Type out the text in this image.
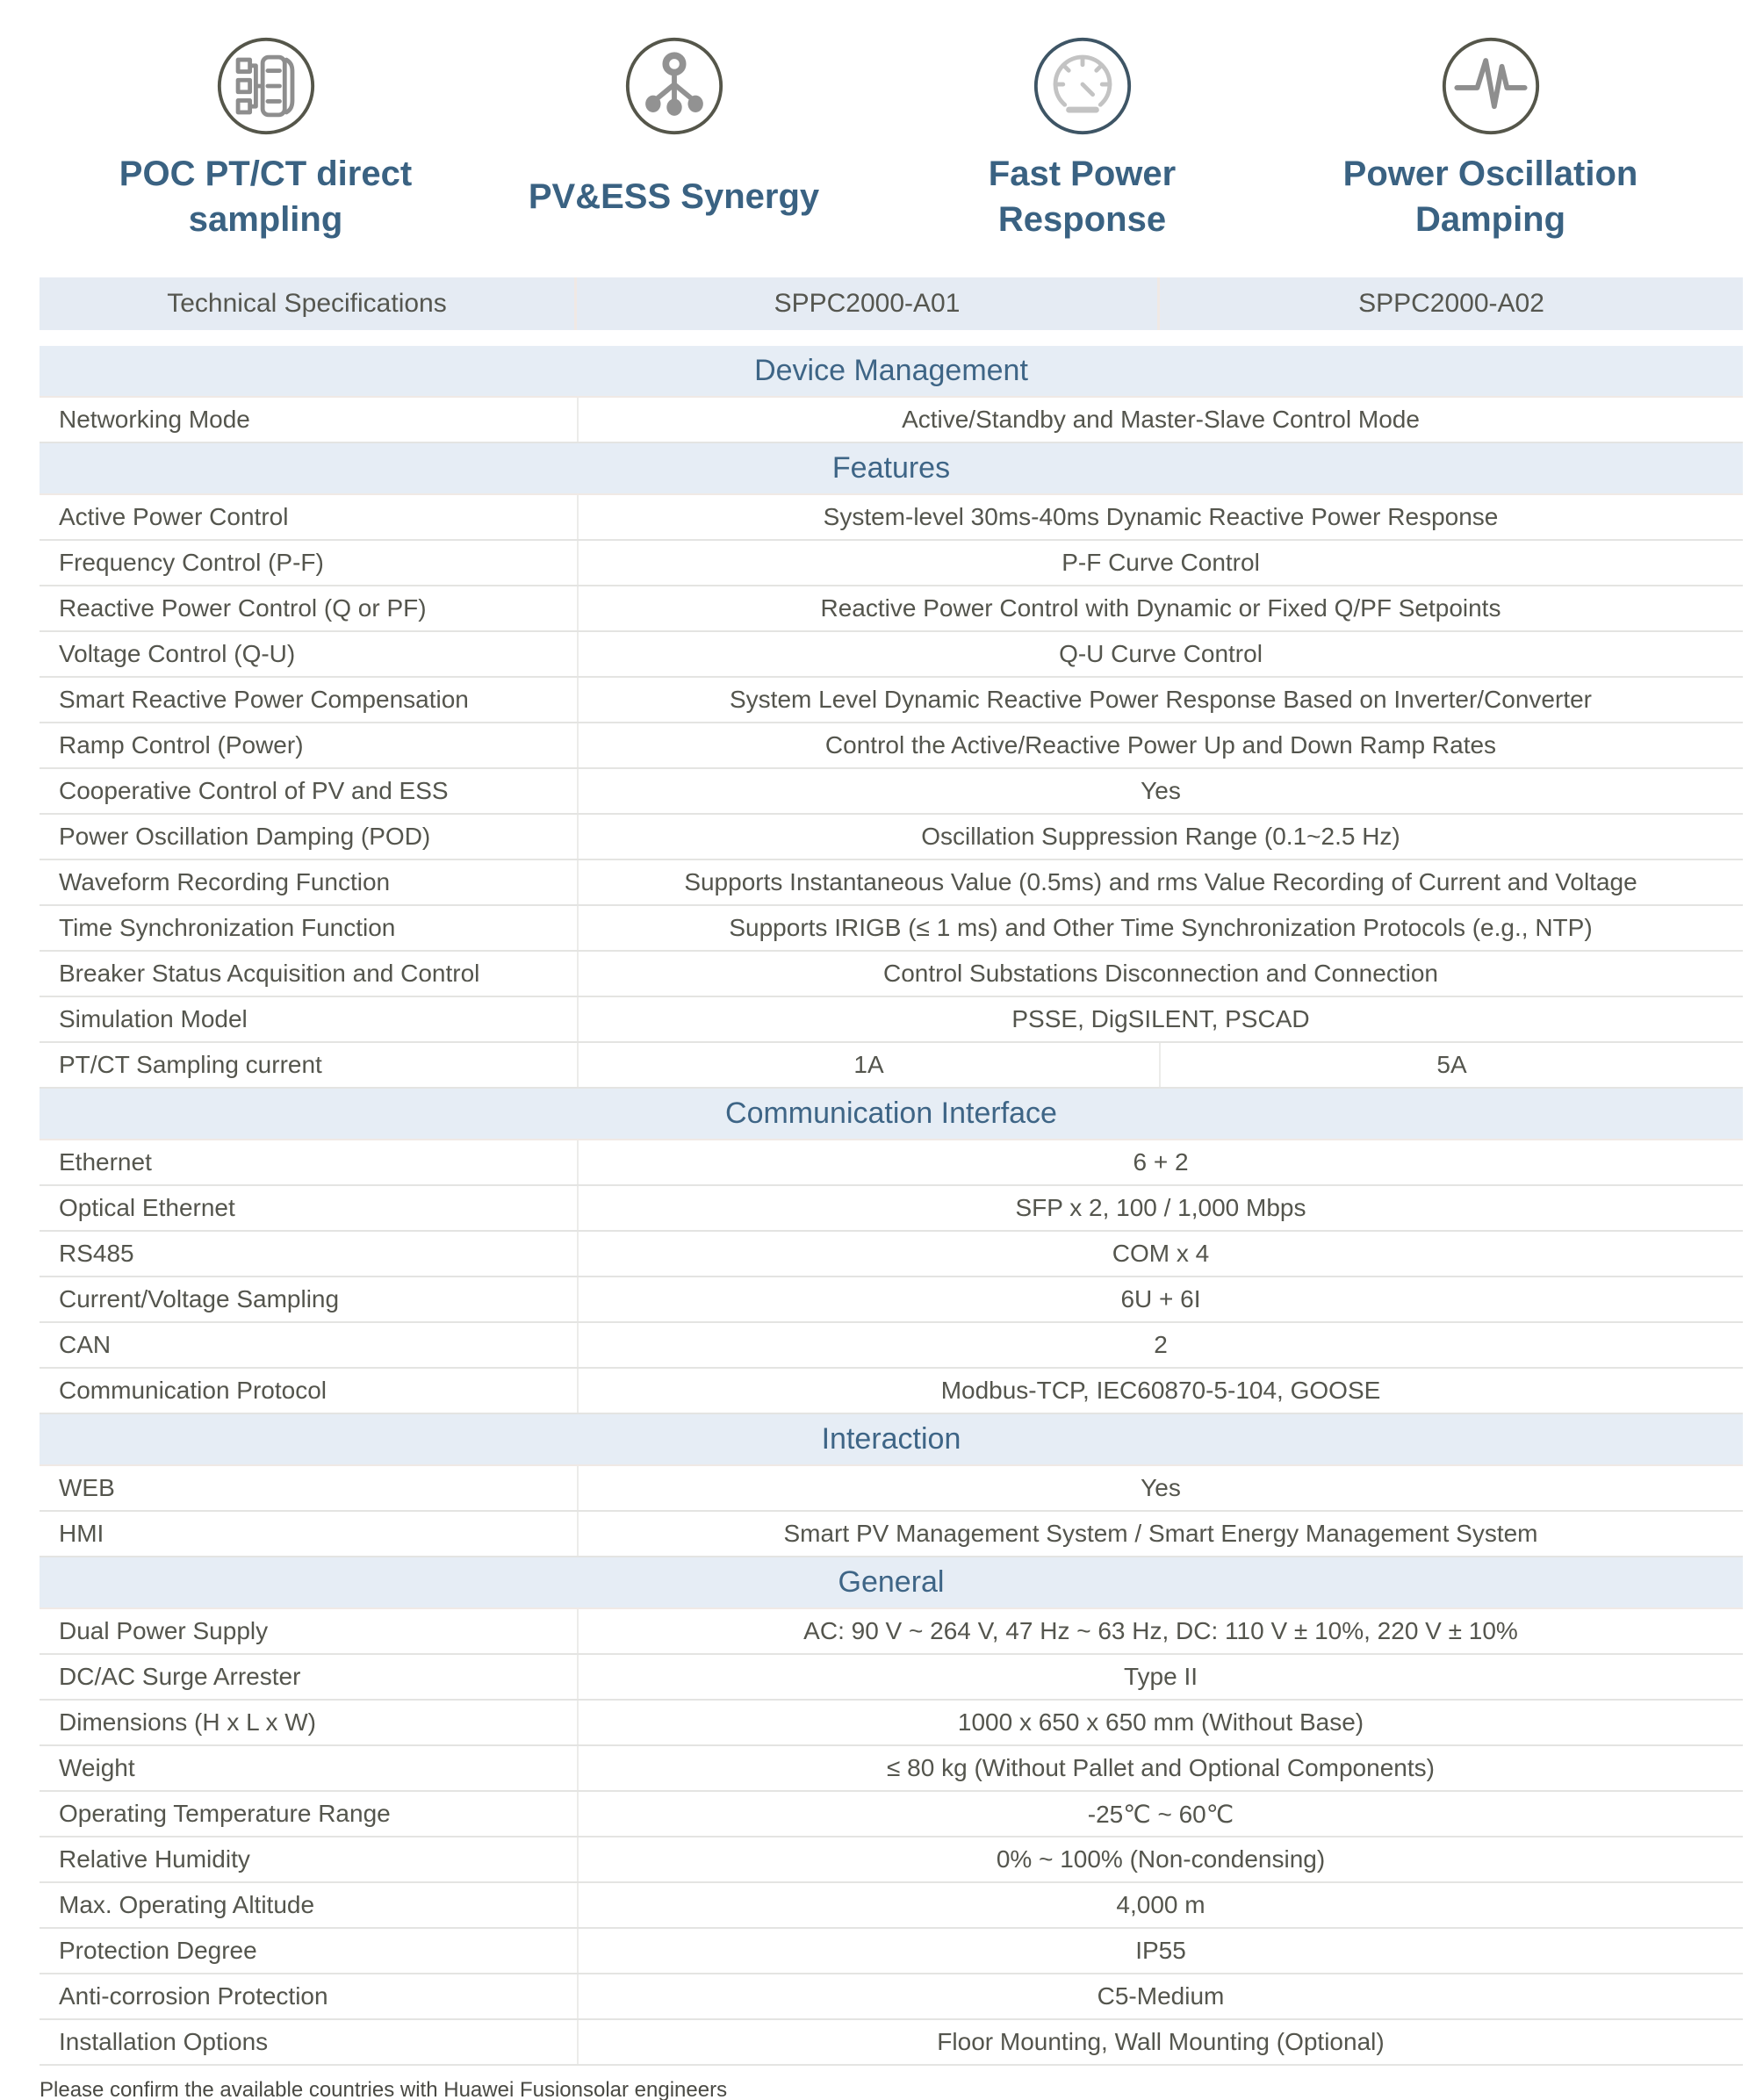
POC PT/CT direct sampling
PV&ESS Synergy
Fast Power Response
Power Oscillation Damping
Technical Specifications	SPPC2000-A01	SPPC2000-A02
Device Management
Networking Mode	Active/Standby and Master-Slave Control Mode
Features
Active Power Control	System-level 30ms-40ms Dynamic Reactive Power Response
Frequency Control (P-F)	P-F Curve Control
Reactive Power Control (Q or PF)	Reactive Power Control with Dynamic or Fixed Q/PF Setpoints
Voltage Control (Q-U)	Q-U Curve Control
Smart Reactive Power Compensation	System Level Dynamic Reactive Power Response Based on Inverter/Converter
Ramp Control (Power)	Control the Active/Reactive Power Up and Down Ramp Rates
Cooperative Control of PV and ESS	Yes
Power Oscillation Damping (POD)	Oscillation Suppression Range (0.1~2.5 Hz)
Waveform Recording Function	Supports Instantaneous Value (0.5ms) and rms Value Recording of Current and Voltage
Time Synchronization Function	Supports IRIGB (≤ 1 ms) and Other Time Synchronization Protocols (e.g., NTP)
Breaker Status Acquisition and Control	Control Substations Disconnection and Connection
Simulation Model	PSSE, DigSILENT, PSCAD
PT/CT Sampling current	1A	5A
Communication Interface
Ethernet	6 + 2
Optical Ethernet	SFP x 2, 100 / 1,000 Mbps
RS485	COM x 4
Current/Voltage Sampling	6U + 6I
CAN	2
Communication Protocol	Modbus-TCP, IEC60870-5-104, GOOSE
Interaction
WEB	Yes
HMI	Smart PV Management System / Smart Energy Management System
General
Dual Power Supply	AC: 90 V ~ 264 V, 47 Hz ~ 63 Hz, DC: 110 V ± 10%, 220 V ± 10%
DC/AC Surge Arrester	Type II
Dimensions (H x L x W)	1000 x 650 x 650 mm (Without Base)
Weight	≤ 80 kg (Without Pallet and Optional Components)
Operating Temperature Range	-25℃ ~ 60℃
Relative Humidity	0% ~ 100% (Non-condensing)
Max. Operating Altitude	4,000 m
Protection Degree	IP55
Anti-corrosion Protection	C5-Medium
Installation Options	Floor Mounting, Wall Mounting (Optional)
Please confirm the available countries with Huawei Fusionsolar engineers
